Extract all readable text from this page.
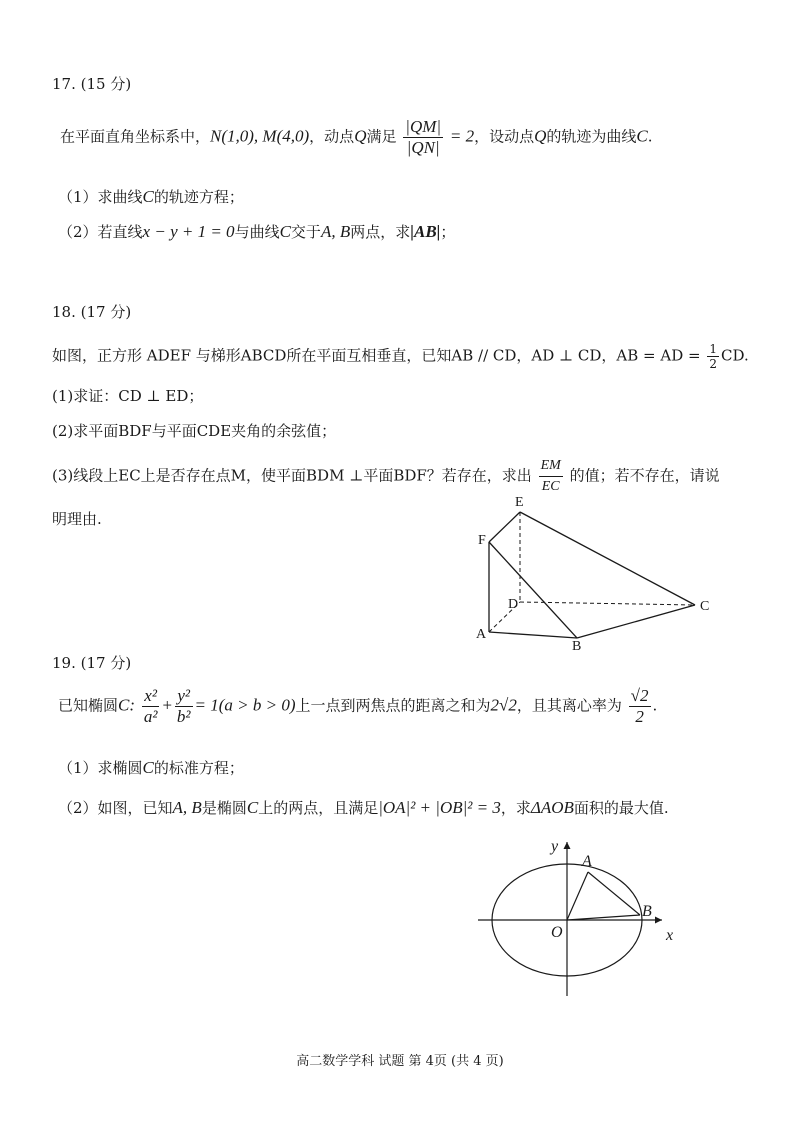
17. (15 分)
在平面直角坐标系中，N(1,0), M(4,0)，动点Q满足 $\frac{|QM|}{|QN|} = 2$，设动点Q的轨迹为曲线C.
（1）求曲线C的轨迹方程；
（2）若直线x − y + 1 = 0与曲线C交于A, B两点，求|AB|；
18. (17 分)
如图，正方形 ADEF 与梯形ABCD所在平面互相垂直，已知AB // CD，AD ⊥ CD，AB = AD = $\frac{1}{2}$ CD.
(1)求证：CD ⊥ ED；
(2)求平面BDF与平面CDE夹角的余弦值；
(3)线段上EC上是否存在点M，使平面BDM ⊥平面BDF？若存在，求出 $\frac{EM}{EC}$ 的值；若不存在，请说
明理由.
E
F
D	C
A
B
19. (17 分)
已知椭圆C: $\frac{\text{x²}}{\text{a²}} + \frac{\text{y²}}{\text{b²}} = 1(a > b > 0)$上一点到两焦点的距离之和为2√2，且其离心率为 $\frac{√2}{2}$ .
（1）求椭圆C的标准方程；
（2）如图，已知A, B是椭圆C上的两点，且满足|OA|² + |OB|² = 3，求ΔAOB面积的最大值.
y
x
O
A
B
高二数学学科 试题 第 4页 (共 4 页)
